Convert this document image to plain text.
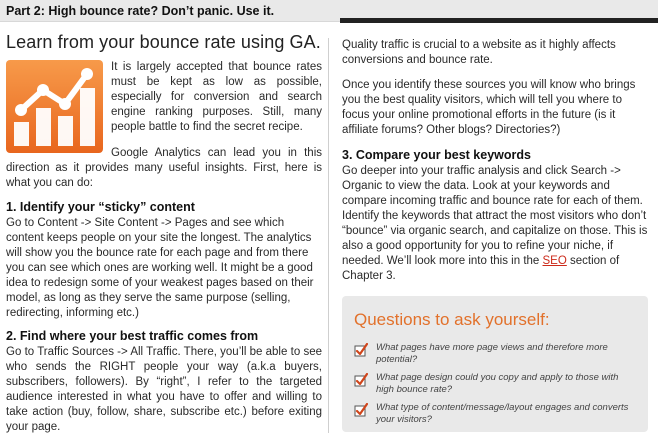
Part 2: High bounce rate? Don’t panic. Use it.
Learn from your bounce rate using GA.

It is largely accepted that bounce rates must be kept as low as possible, especially for conversion and search engine ranking purposes. Still, many people battle to find the secret recipe.

Google Analytics can lead you in this direction as it provides many useful insights. First, here is what you can do:

1. Identify your “sticky” content

Go to Content -> Site Content -> Pages and see which content keeps people on your site the longest. The analytics will show you the bounce rate for each page and from there you can see which ones are working well. It might be a good idea to redesign some of your weakest pages based on their model, as long as they serve the same purpose (selling, redirecting, informing etc.)

2. Find where your best traffic comes from

Go to Traffic Sources -> All Traffic. There, you’ll be able to see who sends the RIGHT people your way (a.k.a buyers, subscribers, followers). By “right”, I refer to the targeted audience interested in what you have to offer and willing to take action (buy, follow, share, subscribe etc.) before exiting your page.

Quality traffic is crucial to a website as it highly affects conversions and bounce rate.

Once you identify these sources you will know who brings you the best quality visitors, which will tell you where to focus your online promotional efforts in the future (is it affiliate forums? Other blogs? Directories?)

3. Compare your best keywords

Go deeper into your traffic analysis and click Search -> Organic to view the data. Look at your keywords and compare incoming traffic and bounce rate for each of them. Identify the keywords that attract the most visitors who don’t “bounce” via organic search, and capitalize on those. This is also a good opportunity for you to refine your niche, if needed. We’ll look more into this in the SEO section of Chapter 3.

Questions to ask yourself:
What pages have more page views and therefore more potential?
What page design could you copy and apply to those with high bounce rate?
What type of content/message/layout engages and converts your visitors?
